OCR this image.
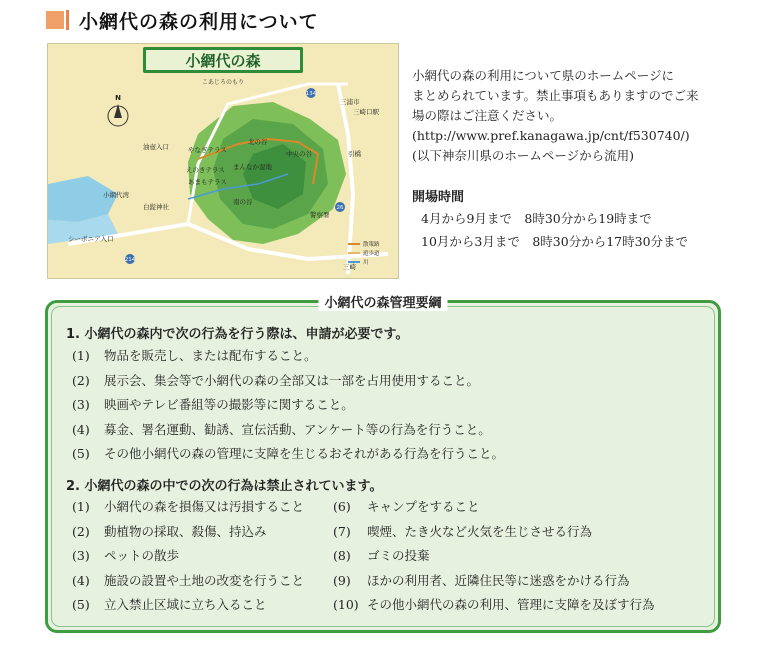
小網代の森の利用について
小網代の森
こあじろのもり
N
北の谷
中央の谷
南の谷
えのきテラス
やなぎテラス
あまもテラス
まんなか湿地
三崎口駅
引橋
三浦市
油壺入口
白髭神社
シーボニア入口
小網代湾
警察署
三崎
134
26
214
散策路
遊歩道
川

小網代の森の利用について県のホームページに

まとめられています。禁止事項もありますのでご来

場の際はご注意ください。

(http://www.pref.kanagawa.jp/cnt/f530740/)

(以下神奈川県のホームページから流用)

開場時間
4月から9月まで　8時30分から19時まで
10月から3月まで　8時30分から17時30分まで
小網代の森管理要綱
1. 小網代の森内で次の行為を行う際は、申請が必要です。
(1) 物品を販売し、または配布すること。
(2) 展示会、集会等で小網代の森の全部又は一部を占用使用すること。
(3) 映画やテレビ番組等の撮影等に関すること。
(4) 募金、署名運動、勧誘、宣伝活動、アンケート等の行為を行うこと。
(5) その他小網代の森の管理に支障を生じるおそれがある行為を行うこと。
2. 小網代の森の中での次の行為は禁止されています。
(1) 小網代の森を損傷又は汚損すること
(2) 動植物の採取、殺傷、持込み
(3) ペットの散歩
(4) 施設の設置や土地の改変を行うこと
(5) 立入禁止区域に立ち入ること
(6) キャンプをすること
(7) 喫煙、たき火など火気を生じさせる行為
(8) ゴミの投棄
(9) ほかの利用者、近隣住民等に迷惑をかける行為
(10) その他小網代の森の利用、管理に支障を及ぼす行為
